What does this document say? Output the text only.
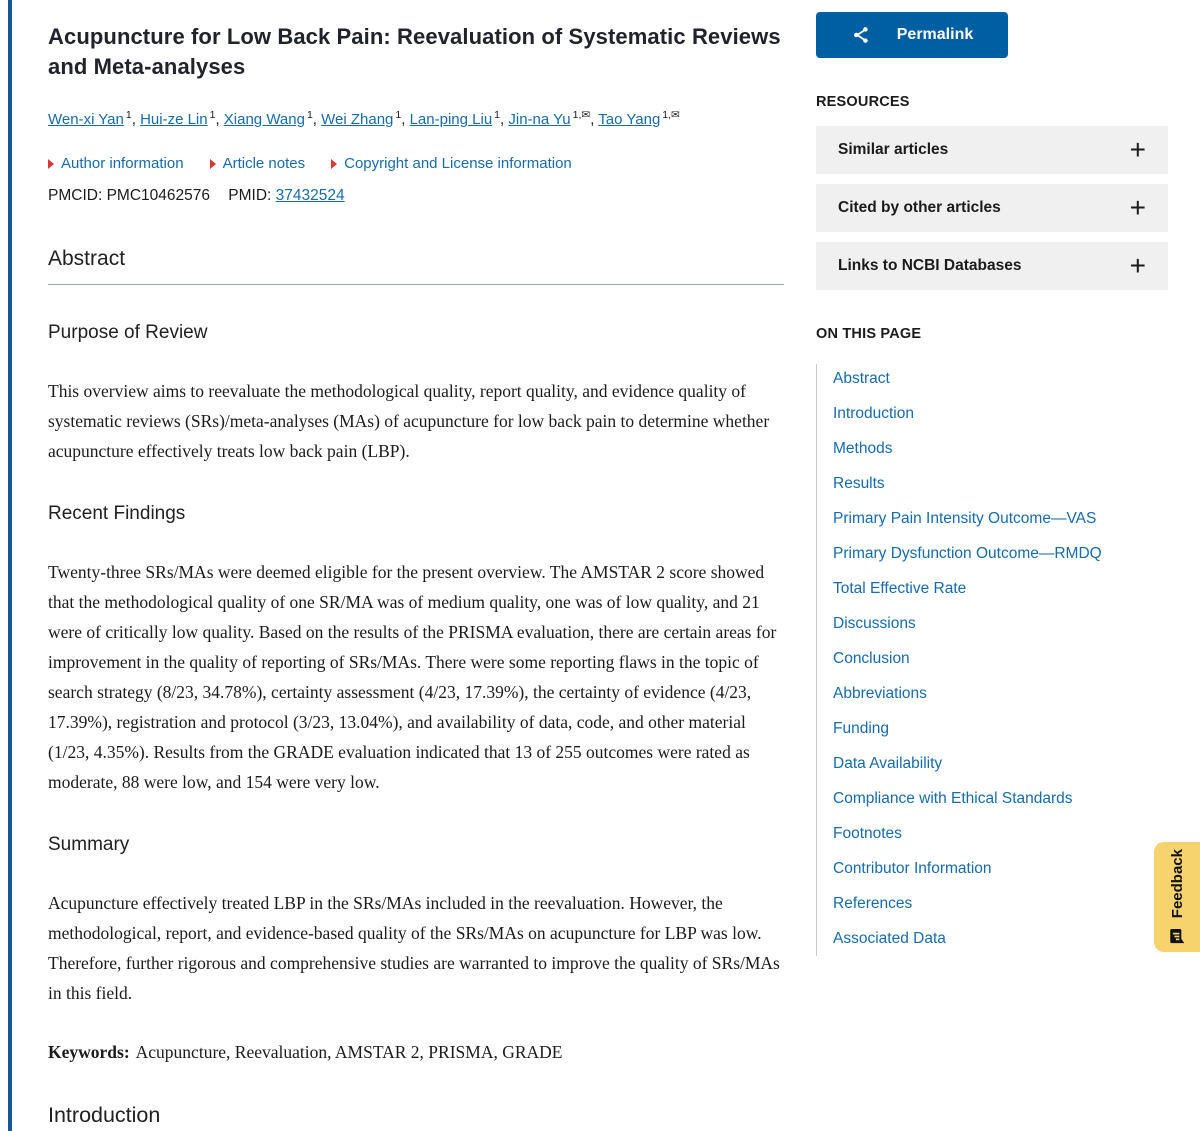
Acupuncture for Low Back Pain: Reevaluation of Systematic Reviews and Meta-analyses
Wen-xi Yan $^1$, Hui-ze Lin $^1$, Xiang Wang $^1$, Wei Zhang $^1$, Lan-ping Liu $^1$, Jin-na Yu $^{1,✉}$, Tao Yang $^{1,✉}$
Author information	Article notes	Copyright and License information
PMCID: PMC10462576 PMID: 37432524
Abstract
Purpose of Review

This overview aims to reevaluate the methodological quality, report quality, and evidence quality of systematic reviews (SRs)/meta-analyses (MAs) of acupuncture for low back pain to determine whether acupuncture effectively treats low back pain (LBP).

Recent Findings

Twenty-three SRs/MAs were deemed eligible for the present overview. The AMSTAR 2 score showed that the methodological quality of one SR/MA was of medium quality, one was of low quality, and 21 were of critically low quality. Based on the results of the PRISMA evaluation, there are certain areas for improvement in the quality of reporting of SRs/MAs. There were some reporting flaws in the topic of search strategy (8/23, 34.78%), certainty assessment (4/23, 17.39%), the certainty of evidence (4/23, 17.39%), registration and protocol (3/23, 13.04%), and availability of data, code, and other material (1/23, 4.35%). Results from the GRADE evaluation indicated that 13 of 255 outcomes were rated as moderate, 88 were low, and 154 were very low.

Summary

Acupuncture effectively treated LBP in the SRs/MAs included in the reevaluation. However, the methodological, report, and evidence-based quality of the SRs/MAs on acupuncture for LBP was low. Therefore, further rigorous and comprehensive studies are warranted to improve the quality of SRs/MAs in this field.

Keywords: Acupuncture, Reevaluation, AMSTAR 2, PRISMA, GRADE

Introduction
Permalink
RESOURCES
Similar articles	+
Cited by other articles	+
Links to NCBI Databases	+
ON THIS PAGE
Abstract
Introduction
Methods
Results
Primary Pain Intensity Outcome—VAS
Primary Dysfunction Outcome—RMDQ
Total Effective Rate
Discussions
Conclusion
Abbreviations
Funding
Data Availability
Compliance with Ethical Standards
Footnotes
Contributor Information
References
Associated Data
Feedback
